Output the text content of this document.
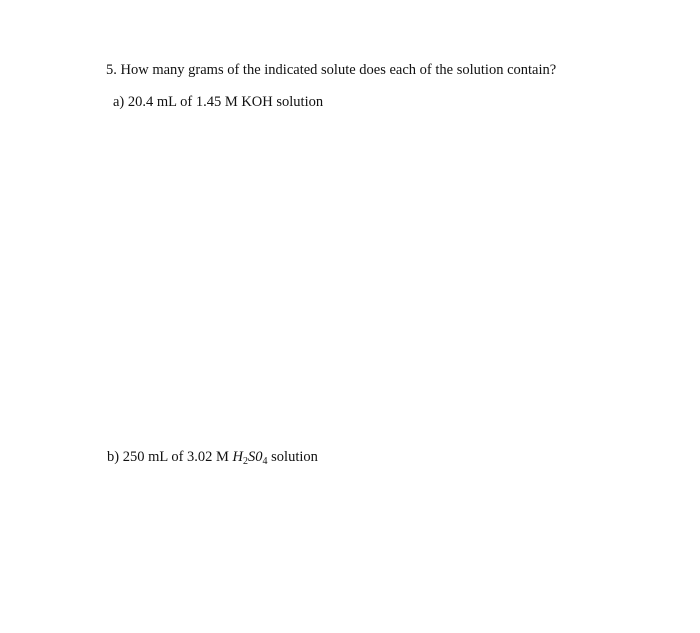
5. How many grams of the indicated solute does each of the solution contain?
a) 20.4 mL of 1.45 M KOH solution
b) 250 mL of 3.02 M $H_2S0_4$ solution
